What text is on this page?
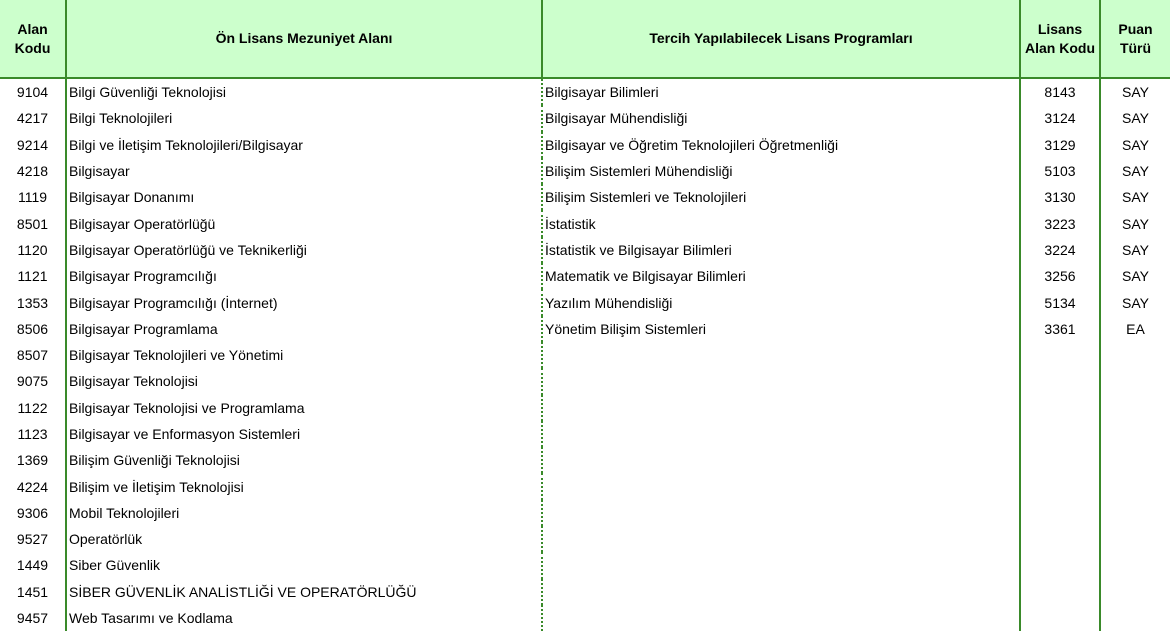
Alan Kodu	Ön Lisans Mezuniyet Alanı	Tercih Yapılabilecek Lisans Programları	Lisans Alan Kodu	Puan Türü
9104	Bilgi Güvenliği Teknolojisi	Bilgisayar Bilimleri	8143	SAY
4217	Bilgi Teknolojileri	Bilgisayar Mühendisliği	3124	SAY
9214	Bilgi ve İletişim Teknolojileri/Bilgisayar	Bilgisayar ve Öğretim Teknolojileri Öğretmenliği	3129	SAY
4218	Bilgisayar	Bilişim Sistemleri Mühendisliği	5103	SAY
1119	Bilgisayar Donanımı	Bilişim Sistemleri ve Teknolojileri	3130	SAY
8501	Bilgisayar Operatörlüğü	İstatistik	3223	SAY
1120	Bilgisayar Operatörlüğü ve Teknikerliği	İstatistik ve Bilgisayar Bilimleri	3224	SAY
1121	Bilgisayar Programcılığı	Matematik ve Bilgisayar Bilimleri	3256	SAY
1353	Bilgisayar Programcılığı (İnternet)	Yazılım Mühendisliği	5134	SAY
8506	Bilgisayar Programlama	Yönetim Bilişim Sistemleri	3361	EA
8507	Bilgisayar Teknolojileri ve Yönetimi			
9075	Bilgisayar Teknolojisi			
1122	Bilgisayar Teknolojisi ve Programlama			
1123	Bilgisayar ve Enformasyon Sistemleri			
1369	Bilişim Güvenliği Teknolojisi			
4224	Bilişim ve İletişim Teknolojisi			
9306	Mobil Teknolojileri			
9527	Operatörlük			
1449	Siber Güvenlik			
1451	SİBER GÜVENLİK ANALİSTLİĞİ VE OPERATÖRLÜĞÜ			
9457	Web Tasarımı ve Kodlama			
